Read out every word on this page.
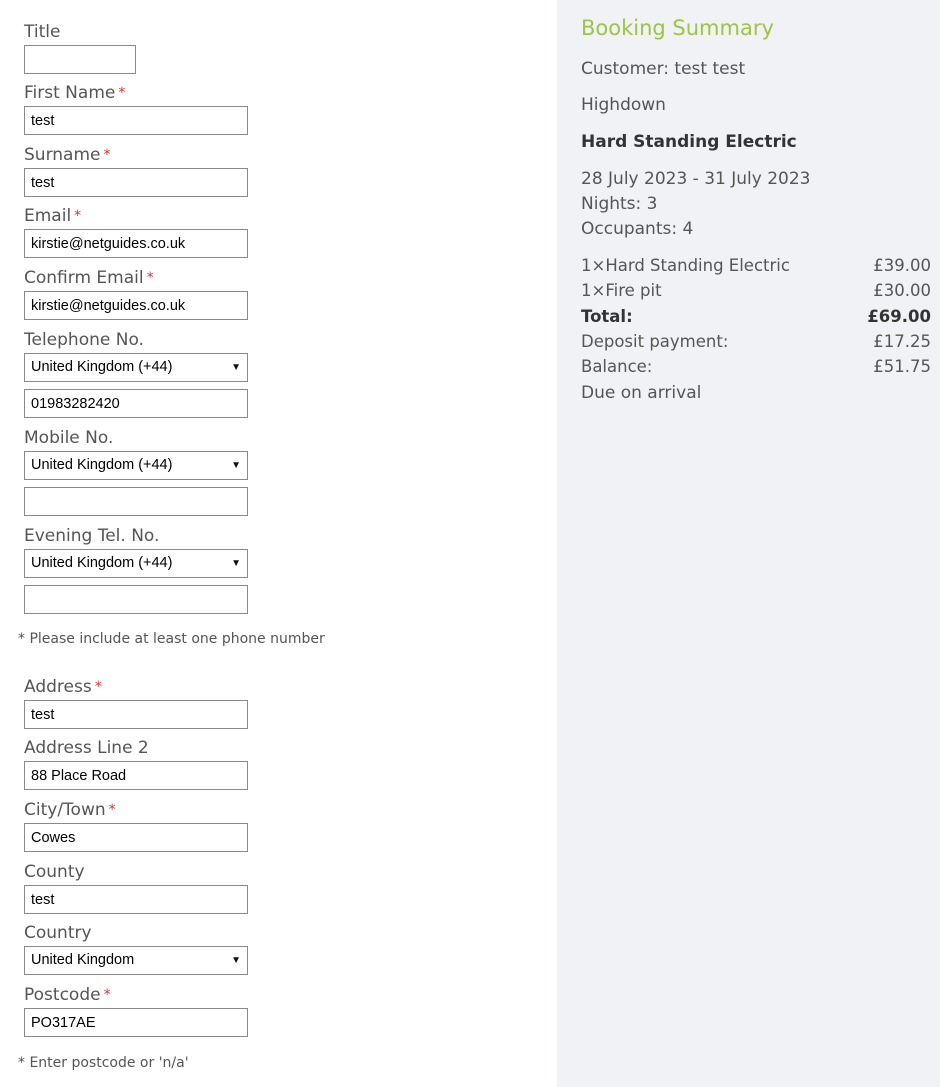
Title
First Name *
test
Surname *
test
Email *
kirstie@netguides.co.uk
Confirm Email *
kirstie@netguides.co.uk
Telephone No.
United Kingdom (+44)	▼
01983282420
Mobile No.
United Kingdom (+44)	▼
Evening Tel. No.
United Kingdom (+44)	▼
* Please include at least one phone number
Address *
test
Address Line 2
88 Place Road
City/Town *
Cowes
County
test
Country
United Kingdom	▼
Postcode *
PO317AE
* Enter postcode or 'n/a'
Booking Summary
Customer: test test
Highdown
Hard Standing Electric
28 July 2023 - 31 July 2023
Nights: 3
Occupants: 4
1×Hard Standing Electric	£39.00
1×Fire pit	£30.00
Total:	£69.00
Deposit payment:	£17.25
Balance:	£51.75
Due on arrival
